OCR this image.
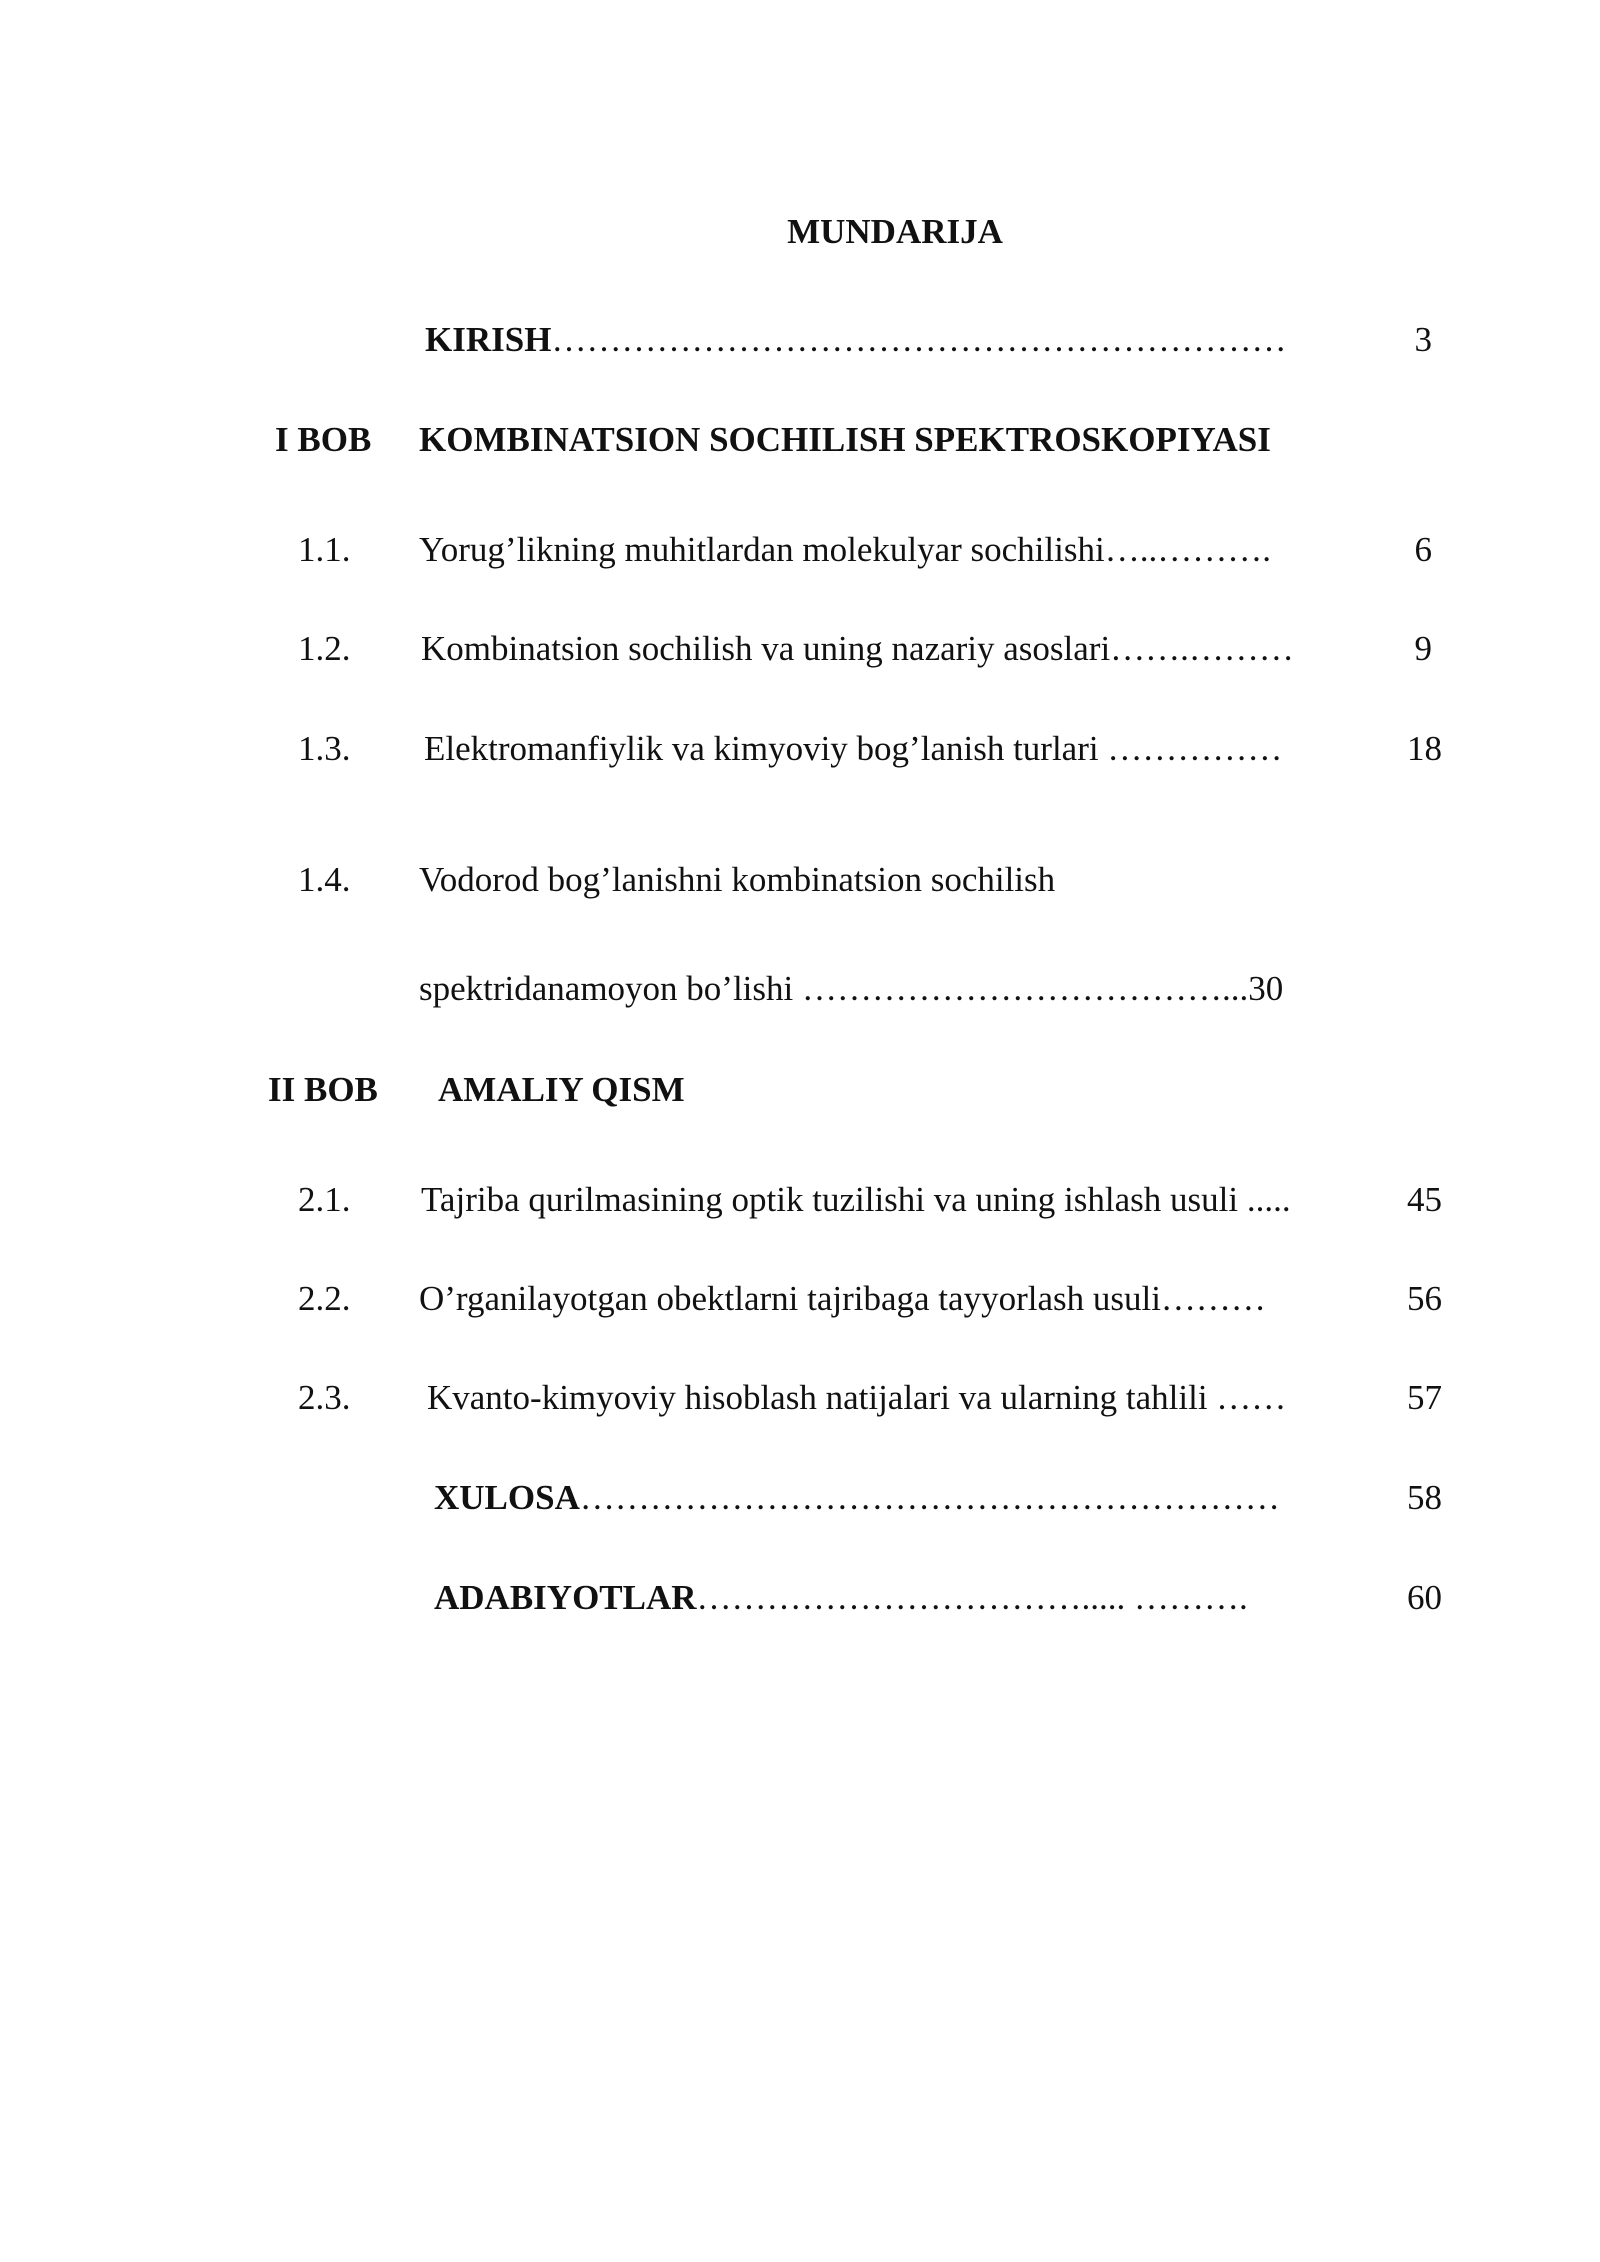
MUNDARIJA
KIRISH………………………………………………………	3
I BOB KOMBINATSION SOCHILISH SPEKTROSKOPIYASI
1.1. Yorug’likning muhitlardan molekulyar sochilishi…..……….	6
1.2. Kombinatsion sochilish va uning nazariy asoslari…….………	9
1.3. Elektromanfiylik va kimyoviy bog’lanish turlari ……………	18
1.4. Vodorod bog’lanishni kombinatsion sochilish
spektridanamoyon bo’lishi ………………………………...30
II BOB AMALIY QISM
2.1. Tajriba qurilmasining optik tuzilishi va uning ishlash usuli .....	45
2.2. O’rganilayotgan obektlarni tajribaga tayyorlash usuli………	56
2.3. Kvanto-kimyoviy hisoblash natijalari va ularning tahlili ……	57
XULOSA……………………………………………………	58
ADABIYOTLAR……………………………..... ……….	60
